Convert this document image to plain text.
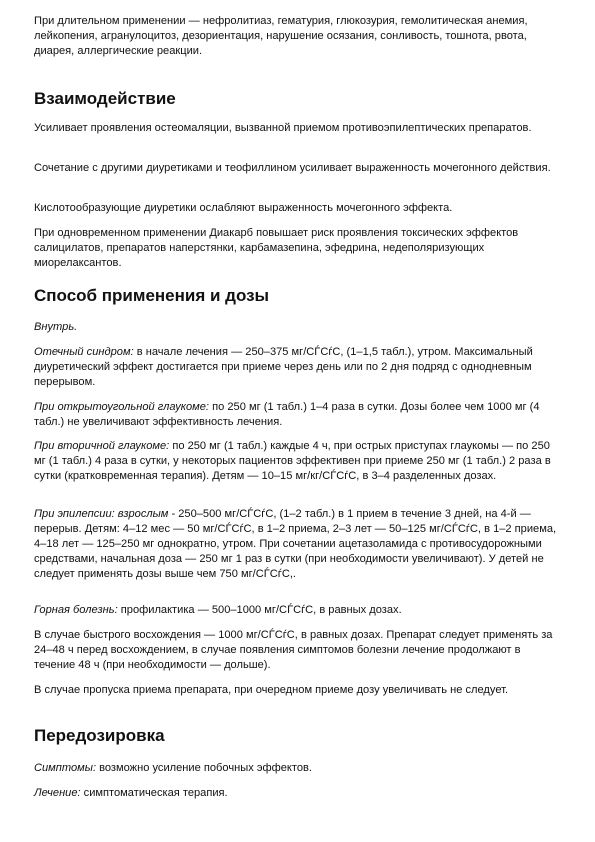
При длительном применении — нефролитиаз, гематурия, глюкозурия, гемолитическая анемия, лейкопения, агранулоцитоз, дезориентация, нарушение осязания, сонливость, тошнота, рвота, диарея, аллергические реакции.

Взаимодействие

Усиливает проявления остеомаляции, вызванной приемом противоэпилептических препаратов.

Сочетание с другими диуретиками и теофиллином усиливает выраженность мочегонного действия.

Кислотообразующие диуретики ослабляют выраженность мочегонного эффекта.

При одновременном применении Диакарб повышает риск проявления токсических эффектов салицилатов, препаратов наперстянки, карбамазепина, эфедрина, недеполяризующих миорелаксантов.

Способ применения и дозы

Внутрь.

Отечный синдром: в начале лечения — 250–375 мг/СЃСѓС, (1–1,5 табл.), утром. Максимальный диуретический эффект достигается при приеме через день или по 2 дня подряд с однодневным перерывом.

При открытоугольной глаукоме: по 250 мг (1 табл.) 1–4 раза в сутки. Дозы более чем 1000 мг (4 табл.) не увеличивают эффективность лечения.

При вторичной глаукоме: по 250 мг (1 табл.) каждые 4 ч, при острых приступах глаукомы — по 250 мг (1 табл.) 4 раза в сутки, у некоторых пациентов эффективен при приеме 250 мг (1 табл.) 2 раза в сутки (кратковременная терапия). Детям — 10–15 мг/кг/СЃСѓС, в 3–4 разделенных дозах.

При эпилепсии: взрослым - 250–500 мг/СЃСѓС, (1–2 табл.) в 1 прием в течение 3 дней, на 4-й — перерыв. Детям: 4–12 мес — 50 мг/СЃСѓС, в 1–2 приема, 2–3 лет — 50–125 мг/СЃСѓС, в 1–2 приема, 4–18 лет — 125–250 мг однократно, утром. При сочетании ацетазоламида с противосудорожными средствами, начальная доза — 250 мг 1 раз в сутки (при необходимости увеличивают). У детей не следует применять дозы выше чем 750 мг/СЃСѓС,.

Горная болезнь: профилактика — 500–1000 мг/СЃСѓС, в равных дозах.

В случае быстрого восхождения — 1000 мг/СЃСѓС, в равных дозах. Препарат следует применять за 24–48 ч перед восхождением, в случае появления симптомов болезни лечение продолжают в течение 48 ч (при необходимости — дольше).

В случае пропуска приема препарата, при очередном приеме дозу увеличивать не следует.

Передозировка

Симптомы: возможно усиление побочных эффектов.

Лечение: симптоматическая терапия.
